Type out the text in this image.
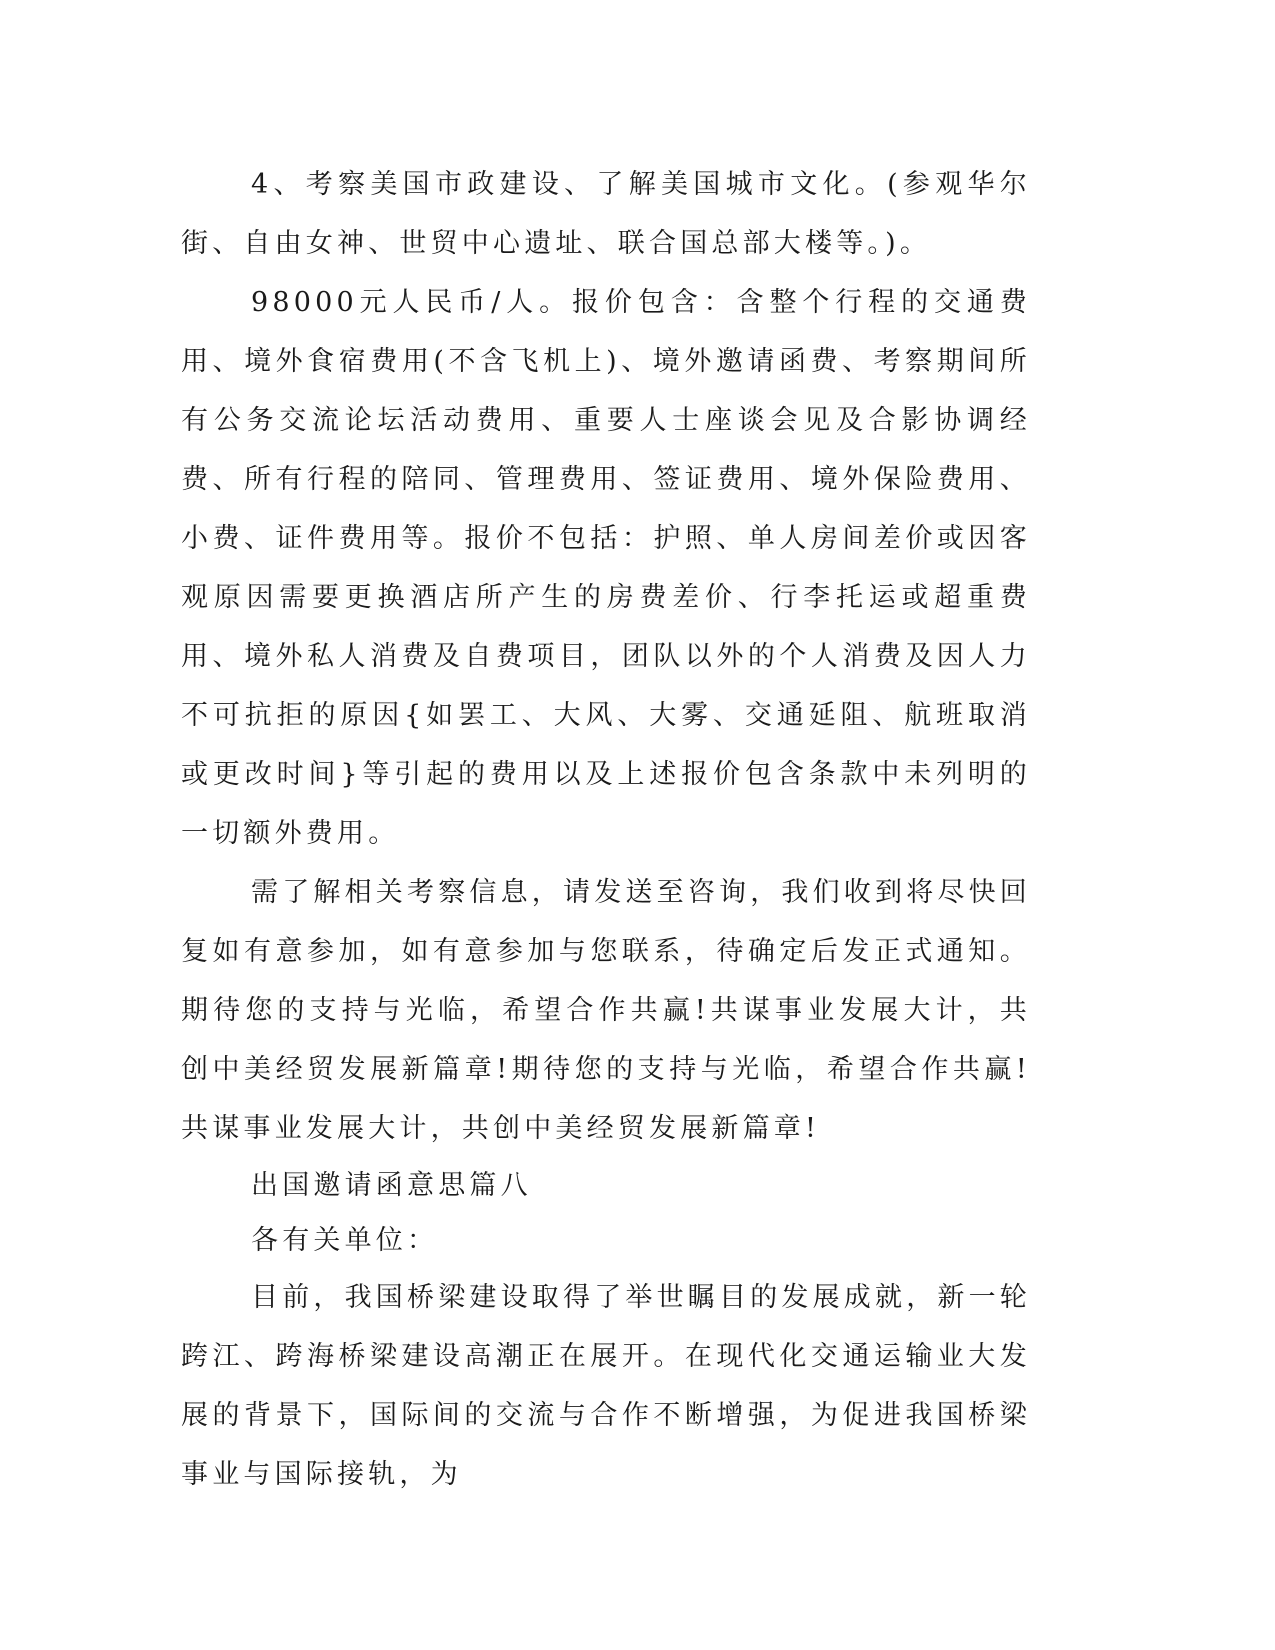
4、考察美国市政建设、了解美国城市文化。(参观华尔街、自由女神、世贸中心遗址、联合国总部大楼等。)。

98000元人民币/人。报价包含：含整个行程的交通费用、境外食宿费用(不含飞机上)、境外邀请函费、考察期间所有公务交流论坛活动费用、重要人士座谈会见及合影协调经费、所有行程的陪同、管理费用、签证费用、境外保险费用、小费、证件费用等。报价不包括：护照、单人房间差价或因客观原因需要更换酒店所产生的房费差价、行李托运或超重费用、境外私人消费及自费项目，团队以外的个人消费及因人力不可抗拒的原因{如罢工、大风、大雾、交通延阻、航班取消或更改时间}等引起的费用以及上述报价包含条款中未列明的一切额外费用。

需了解相关考察信息，请发送至咨询，我们收到将尽快回复如有意参加，如有意参加与您联系，待确定后发正式通知。期待您的支持与光临，希望合作共赢!共谋事业发展大计，共创中美经贸发展新篇章!期待您的支持与光临，希望合作共赢!共谋事业发展大计，共创中美经贸发展新篇章!

出国邀请函意思篇八

各有关单位：

目前，我国桥梁建设取得了举世瞩目的发展成就，新一轮跨江、跨海桥梁建设高潮正在展开。在现代化交通运输业大发展的背景下，国际间的交流与合作不断增强，为促进我国桥梁事业与国际接轨，为
